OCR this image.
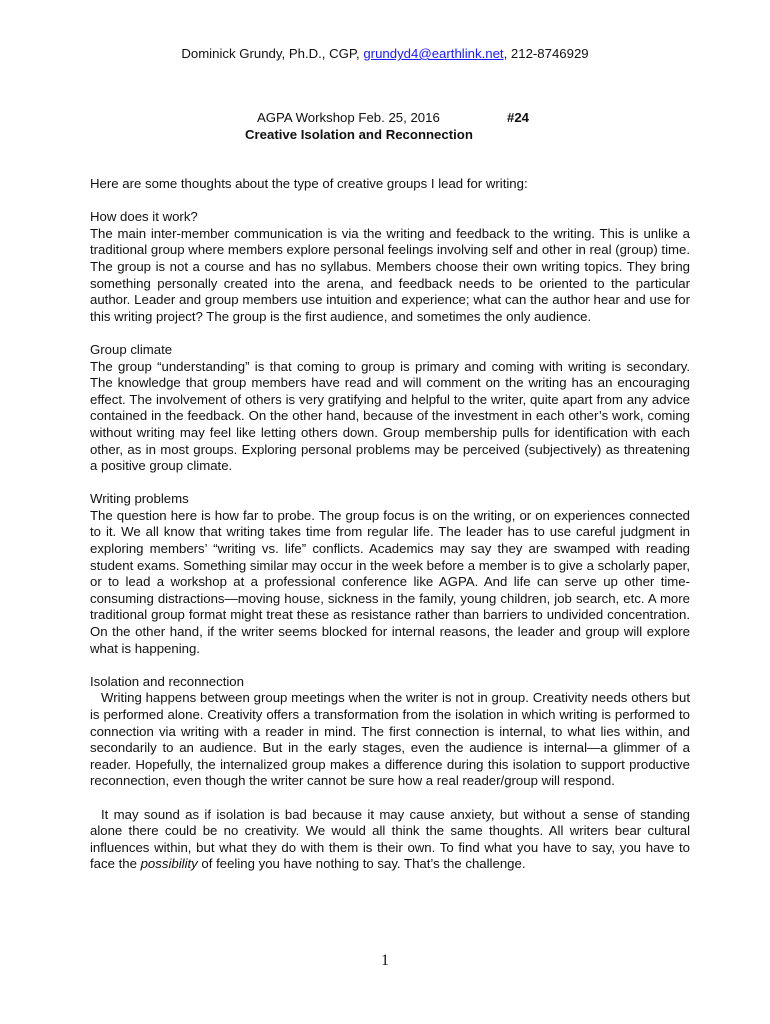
Dominick Grundy, Ph.D., CGP, grundyd4@earthlink.net, 212-8746929
AGPA Workshop Feb. 25, 2016	#24
Creative Isolation and Reconnection

Here are some thoughts about the type of creative groups I lead for writing:

How does it work?

The main inter-member communication is via the writing and feedback to the writing. This is unlike a traditional group where members explore personal feelings involving self and other in real (group) time. The group is not a course and has no syllabus. Members choose their own writing topics. They bring something personally created into the arena, and feedback needs to be oriented to the particular author. Leader and group members use intuition and experience; what can the author hear and use for this writing project? The group is the first audience, and sometimes the only audience.

Group climate

The group “understanding” is that coming to group is primary and coming with writing is secondary. The knowledge that group members have read and will comment on the writing has an encouraging effect. The involvement of others is very gratifying and helpful to the writer, quite apart from any advice contained in the feedback. On the other hand, because of the investment in each other’s work, coming without writing may feel like letting others down. Group membership pulls for identification with each other, as in most groups. Exploring personal problems may be perceived (subjectively) as threatening a positive group climate.

Writing problems

The question here is how far to probe. The group focus is on the writing, or on experiences connected to it. We all know that writing takes time from regular life. The leader has to use careful judgment in exploring members’ “writing vs. life” conflicts. Academics may say they are swamped with reading student exams. Something similar may occur in the week before a member is to give a scholarly paper, or to lead a workshop at a professional conference like AGPA. And life can serve up other time-consuming distractions—moving house, sickness in the family, young children, job search, etc. A more traditional group format might treat these as resistance rather than barriers to undivided concentration. On the other hand, if the writer seems blocked for internal reasons, the leader and group will explore what is happening.

Isolation and reconnection

Writing happens between group meetings when the writer is not in group. Creativity needs others but is performed alone. Creativity offers a transformation from the isolation in which writing is performed to connection via writing with a reader in mind. The first connection is internal, to what lies within, and secondarily to an audience. But in the early stages, even the audience is internal—a glimmer of a reader. Hopefully, the internalized group makes a difference during this isolation to support productive reconnection, even though the writer cannot be sure how a real reader/group will respond.

It may sound as if isolation is bad because it may cause anxiety, but without a sense of standing alone there could be no creativity. We would all think the same thoughts. All writers bear cultural influences within, but what they do with them is their own. To find what you have to say, you have to face the possibility of feeling you have nothing to say. That’s the challenge.

1
